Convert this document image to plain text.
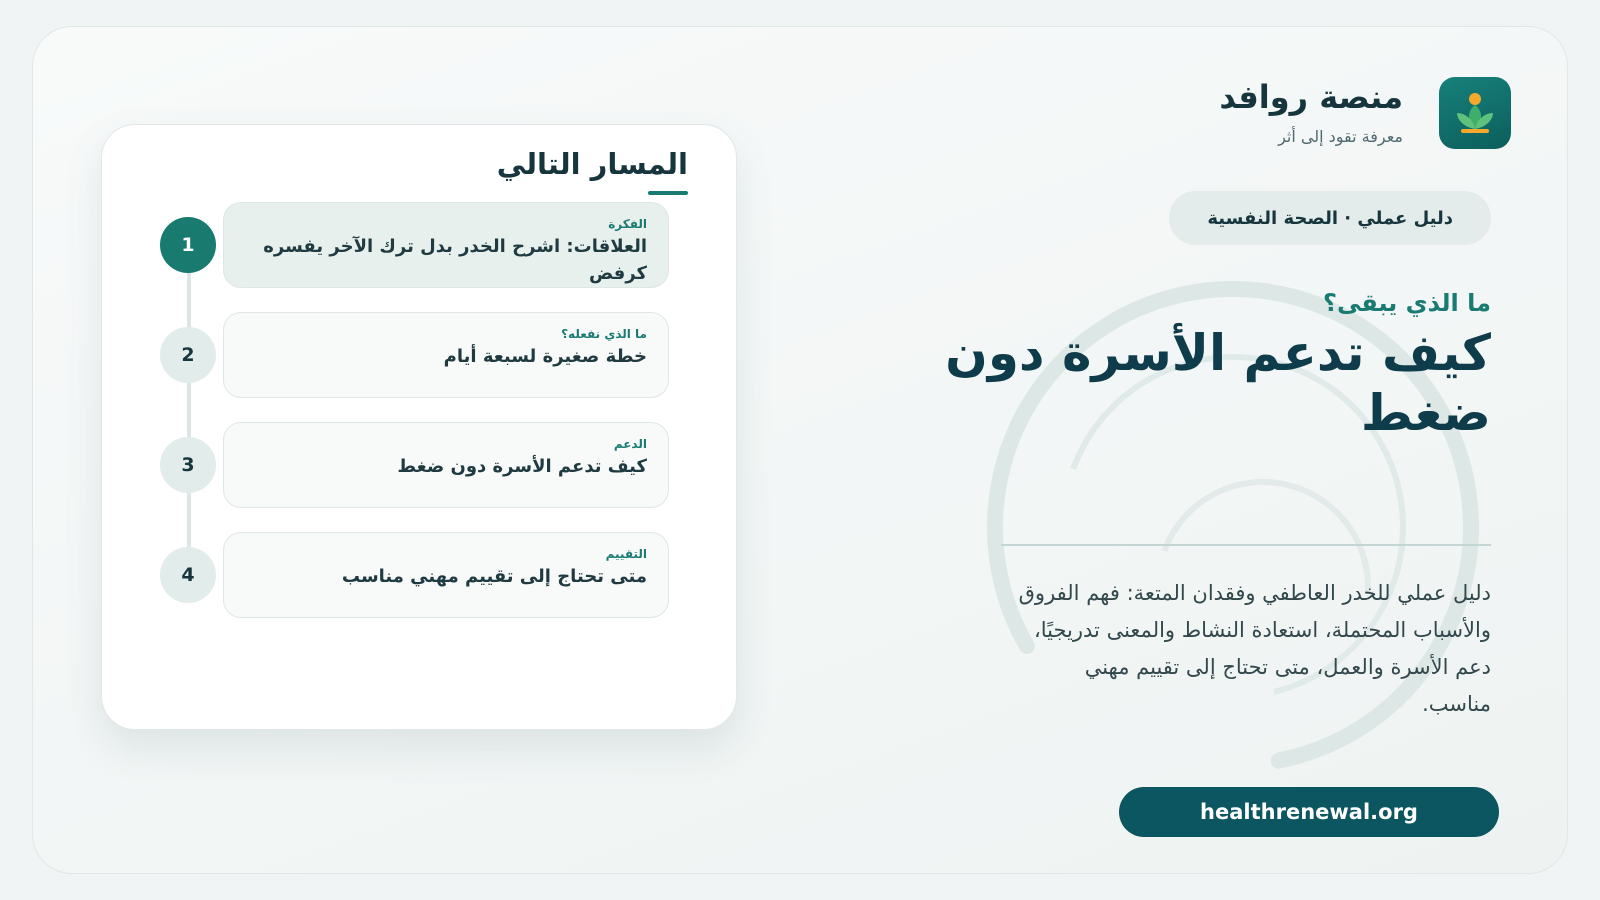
منصة روافد
معرفة تقود إلى أثر
دليل عملي · الصحة النفسية
ما الذي يبقى؟
كيف تدعم الأسرة دون ضغط
دليل عملي للخدر العاطفي وفقدان المتعة: فهم الفروق والأسباب المحتملة، استعادة النشاط والمعنى تدريجيًا، دعم الأسرة والعمل، متى تحتاج إلى تقييم مهني مناسب.
healthrenewal.org
المسار التالي
1
الفكرة
العلاقات: اشرح الخدر بدل ترك الآخر يفسره كرفض
2
ما الذي نفعله؟
خطة صغيرة لسبعة أيام
3
الدعم
كيف تدعم الأسرة دون ضغط
4
التقييم
متى تحتاج إلى تقييم مهني مناسب
